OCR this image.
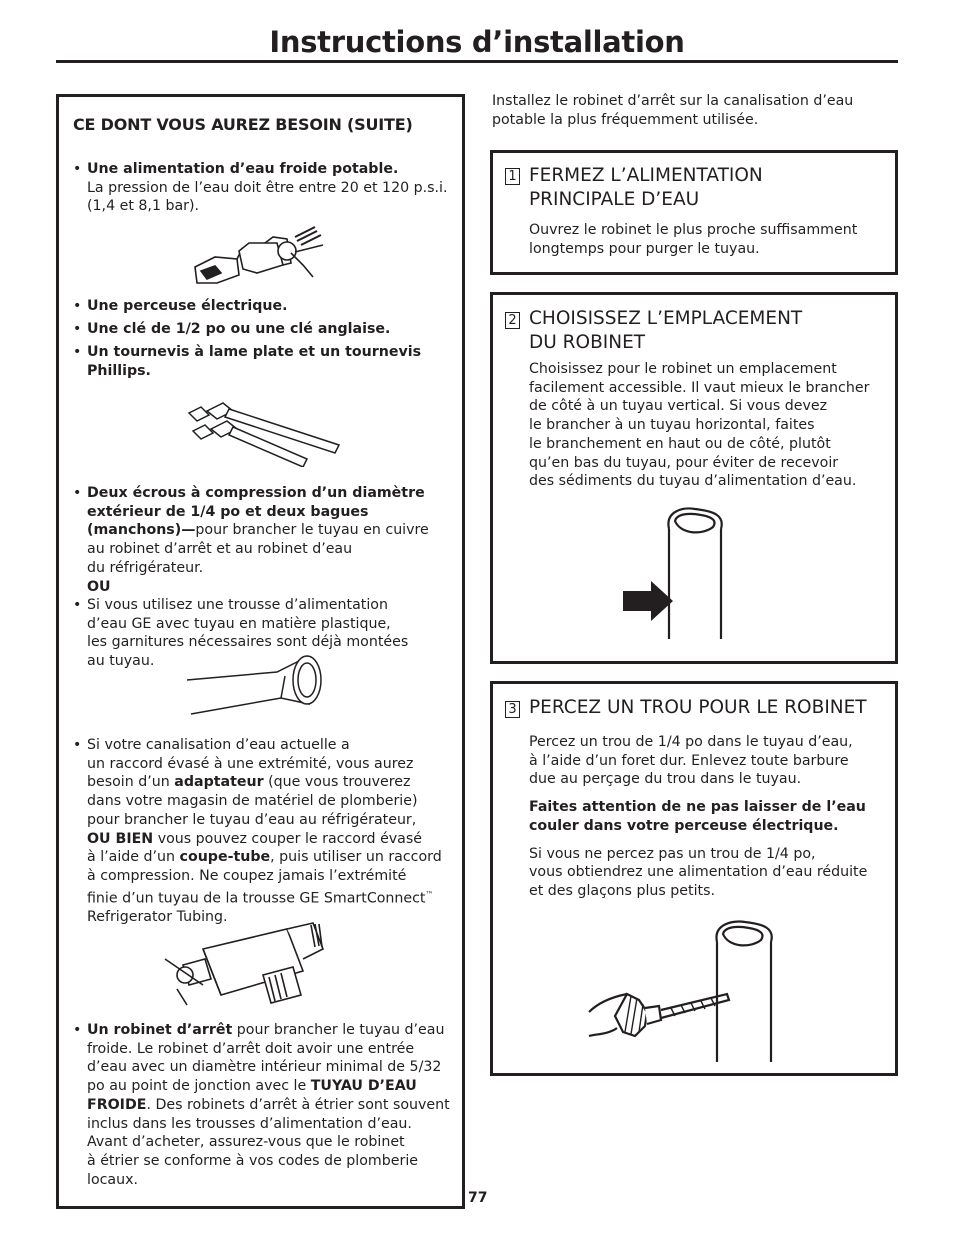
Instructions d’installation
CE DONT VOUS AUREZ BESOIN (SUITE)
• Une alimentation d’eau froide potable.
La pression de l’eau doit être entre 20 et 120 p.s.i.
(1,4 et 8,1 bar).
• Une perceuse électrique.
• Une clé de 1/2 po ou une clé anglaise.
• Un tournevis à lame plate et un tournevis
Phillips.
• Deux écrous à compression d’un diamètre
extérieur de 1/4 po et deux bagues
(manchons)—pour brancher le tuyau en cuivre
au robinet d’arrêt et au robinet d’eau
du réfrigérateur.
OU
• Si vous utilisez une trousse d’alimentation
d’eau GE avec tuyau en matière plastique,
les garnitures nécessaires sont déjà montées
au tuyau.
• Si votre canalisation d’eau actuelle a
un raccord évasé à une extrémité, vous aurez
besoin d’un adaptateur (que vous trouverez
dans votre magasin de matériel de plomberie)
pour brancher le tuyau d’eau au réfrigérateur,
OU BIEN vous pouvez couper le raccord évasé
à l’aide d’un coupe-tube, puis utiliser un raccord
à compression. Ne coupez jamais l’extrémité
finie d’un tuyau de la trousse GE SmartConnect™
Refrigerator Tubing.
• Un robinet d’arrêt pour brancher le tuyau d’eau
froide. Le robinet d’arrêt doit avoir une entrée
d’eau avec un diamètre intérieur minimal de 5/32
po au point de jonction avec le TUYAU D’EAU
FROIDE. Des robinets d’arrêt à étrier sont souvent
inclus dans les trousses d’alimentation d’eau.
Avant d’acheter, assurez-vous que le robinet
à étrier se conforme à vos codes de plomberie
locaux.
Installez le robinet d’arrêt sur la canalisation d’eau
potable la plus fréquemment utilisée.
1 FERMEZ L’ALIMENTATION
PRINCIPALE D’EAU
Ouvrez le robinet le plus proche suffisamment
longtemps pour purger le tuyau.
2 CHOISISSEZ L’EMPLACEMENT
DU ROBINET
Choisissez pour le robinet un emplacement
facilement accessible. Il vaut mieux le brancher
de côté à un tuyau vertical. Si vous devez
le brancher à un tuyau horizontal, faites
le branchement en haut ou de côté, plutôt
qu’en bas du tuyau, pour éviter de recevoir
des sédiments du tuyau d’alimentation d’eau.
3 PERCEZ UN TROU POUR LE ROBINET
Percez un trou de 1/4 po dans le tuyau d’eau,
à l’aide d’un foret dur. Enlevez toute barbure
due au perçage du trou dans le tuyau.
Faites attention de ne pas laisser de l’eau
couler dans votre perceuse électrique.
Si vous ne percez pas un trou de 1/4 po,
vous obtiendrez une alimentation d’eau réduite
et des glaçons plus petits.
77
